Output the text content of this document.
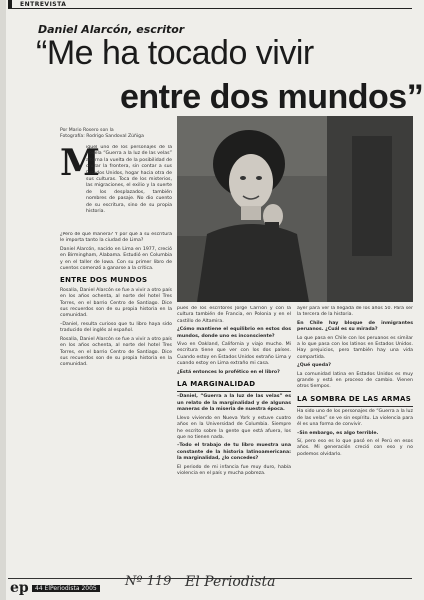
ENTREVISTA
Daniel Alarcón, escritor
“Me ha tocado vivir
entre dos mundos”
Por Mario Rosero son la
Fotografía: Rodrigo Sandoval Zúñiga
M

iguel uno de los personajes de la novela “Guerra a la luz de las velas” alterna la vuelta de la posibilidad de cruzar la frontera, sin contar a sus Estados Unidos, hogar hacia otra de sus culturas. Toca de los misterios, las migraciones, el exilio y la suerte de los desplazados, también nombres de pasaje. No dio cuento de su escritura, sino de su propia historia.

¿Pero de qué manera? Y por qué a su escritura le importa tanto la ciudad de Lima?

Daniel Alarcón, nacido en Lima en 1977, creció en Birmingham, Alabama. Estudió en Columbia y en el taller de Iowa. Con su primer libro de cuentos comenzó a ganarse a la crítica.

ENTRE DOS MUNDOS

Rosalía, Daniel Alarcón se fue a vivir a otro país en los años ochenta, al norte del hotel Tres Torres, en el barrio Centro de Santiago. Dice sus recuerdos son de su propia historia en la comunidad.

–Daniel, resulta curioso que tu libro haya sido traducido del inglés al español.

Rosalía, Daniel Alarcón se fue a vivir a otro país en los años ochenta, al norte del hotel Tres Torres, en el barrio Centro de Santiago. Dice sus recuerdos son de su propia historia en la comunidad.

pues de los escritores Jorge Carrión y con la cultura también de Francia, en Polonia y en el castillo de Altamira.

¿Cómo mantiene el equilibrio en estos dos mundos, donde uno es inconsciente?

Vivo en Oakland, California y viajo mucho. Mi escritura tiene que ver con los dos países. Cuando estoy en Estados Unidos extraño Lima y cuando estoy en Lima extraño mi casa.

¿Está entonces lo profético en el libro?

LA MARGINALIDAD

–Daniel, “Guerra a la luz de las velas” es un relato de la marginalidad y de algunas maneras de la miseria de nuestra época.

Llevo viviendo en Nueva York y estuve cuatro años en la Universidad de Columbia. Siempre he escrito sobre la gente que está afuera, los que no tienen nada.

–Todo el trabajo de tu libro muestra una constante de la historia latinoamericana: la marginalidad, ¿lo concedes?

El periodo de mi infancia fue muy duro, había violencia en el país y mucha pobreza.

ayer para ver la llegada de los años 50. Para ser la tercera de la historia.

En Chile hay bloque de inmigrantes peruanos. ¿Cuál es su mirada?

Lo que pasa en Chile con los peruanos es similar a lo que pasa con los latinos en Estados Unidos. Hay prejuicios, pero también hay una vida compartida.

¿Qué queda?

La comunidad latina en Estados Unidos es muy grande y está en proceso de cambio. Vienen otros tiempos.

LA SOMBRA DE LAS ARMAS

Ha sido uno de los personajes de “Guerra a la luz de las velas” se ve sin espíritu. La violencia para él es una forma de convivir.

–Sin embargo, es algo terrible.

Sí, pero eso es lo que pasó en el Perú en esos años. Mi generación creció con eso y no podemos olvidarlo.

ep	44 ElPeriodista 2005 Nº 119 El Periodista
